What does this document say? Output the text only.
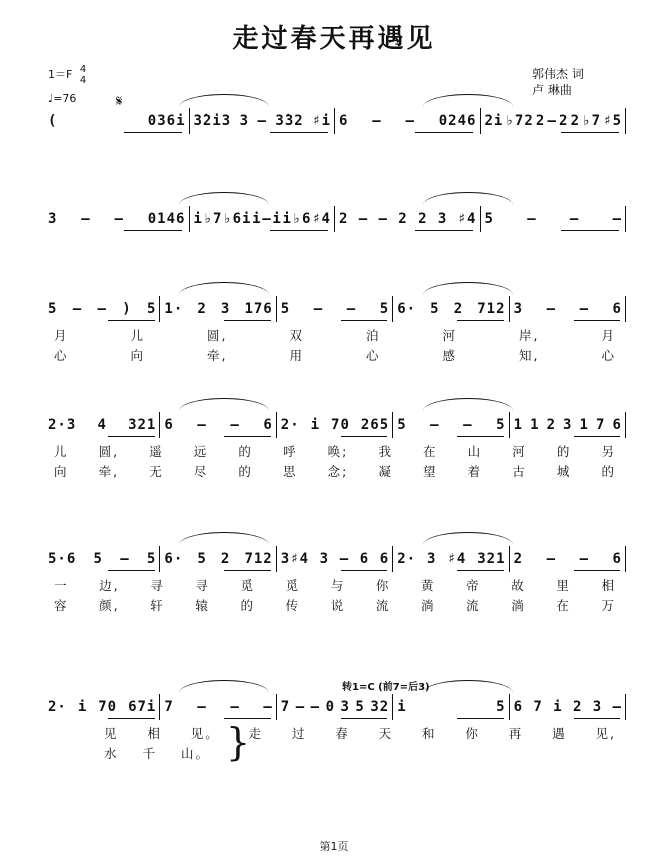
走过春天再遇见
1＝F 4
4
♩=76
郭伟杰 词
卢 琳曲
𝄋
(	036i 3̇2i3 3 – 3̇32 ♯i 6 – – 0246 2i ♭72 2 – 2 2 ♭7 ♯5
3 – – 0146 i ♭7 ♭6i i – i i ♭6 ♯4 2 – – 2 2 3 ♯4 5 – – –
5 – – ) 5 1· 2 3 176 5 – – 5 6· 5 2 712 3 – – 6
月	儿	圆,	双	泊	河	岸,	月
心	向	牵,	用	心	感	知,	心
2·3 4 321 6 – – 6 2· i 70 265 5 – – 5 1 1 2 3 1 7 6
儿 圆, 遥 远 的 呼 唤; 我 在 山 河 的 另
向 牵, 无 尽 的 思 念; 凝 望 着 古 城 的
5·6 5 – 5 6· 5 2 712 3♯4 3 – 6 6 2· 3 ♯4 321 2 – – 6
一 边, 寻 寻 觅 觅 与 你 黄 帝 故 里 相
容 颜, 轩 辕 的 传 说 流 淌 流 淌 在 万
2· i 70 67i 7 – – – 7 – – 0 3 5 32 i	5 6 7 i 2 3 –
见 相 见。 走 过 春 天 和 你 再 遇 见,
水 千 山。
转1=C (前7=后3)
}
第1页
